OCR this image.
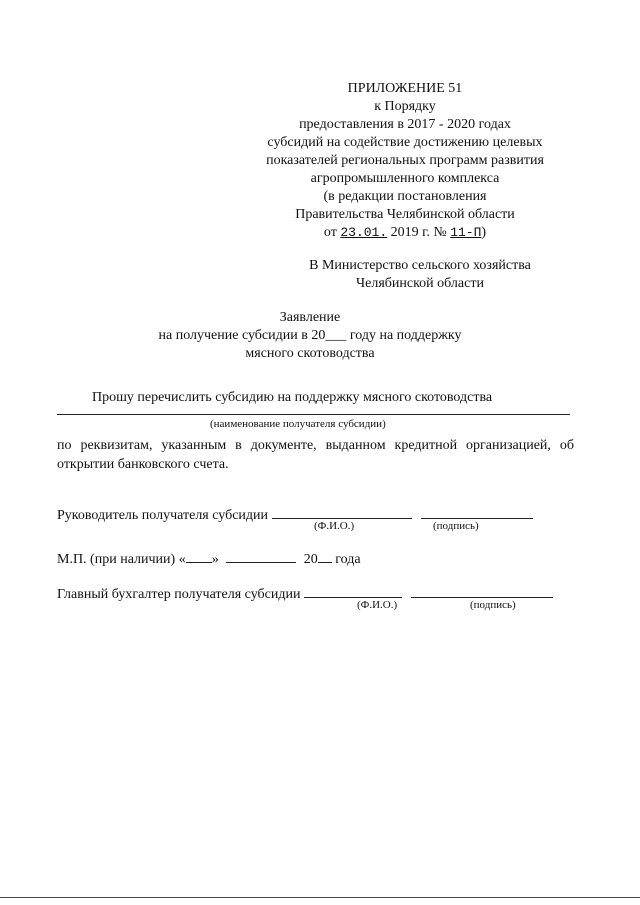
ПРИЛОЖЕНИЕ 51
к Порядку
предоставления в 2017 - 2020 годах
субсидий на содействие достижению целевых
показателей региональных программ развития
агропромышленного комплекса
(в редакции постановления
Правительства Челябинской области
от 23.01. 2019 г. № 11-П)
В Министерство сельского хозяйства
Челябинской области
Заявление
на получение субсидии в 20___ году на поддержку
мясного скотоводства
Прошу перечислить субсидию на поддержку мясного скотоводства
(наименование получателя субсидии)
по реквизитам, указанным в документе, выданном кредитной организацией, об открытии банковского счета.
Руководитель получателя субсидии
(Ф.И.О.)	(подпись)
М.П. (при наличии) « »	20 года
Главный бухгалтер получателя субсидии
(Ф.И.О.)	(подпись)
